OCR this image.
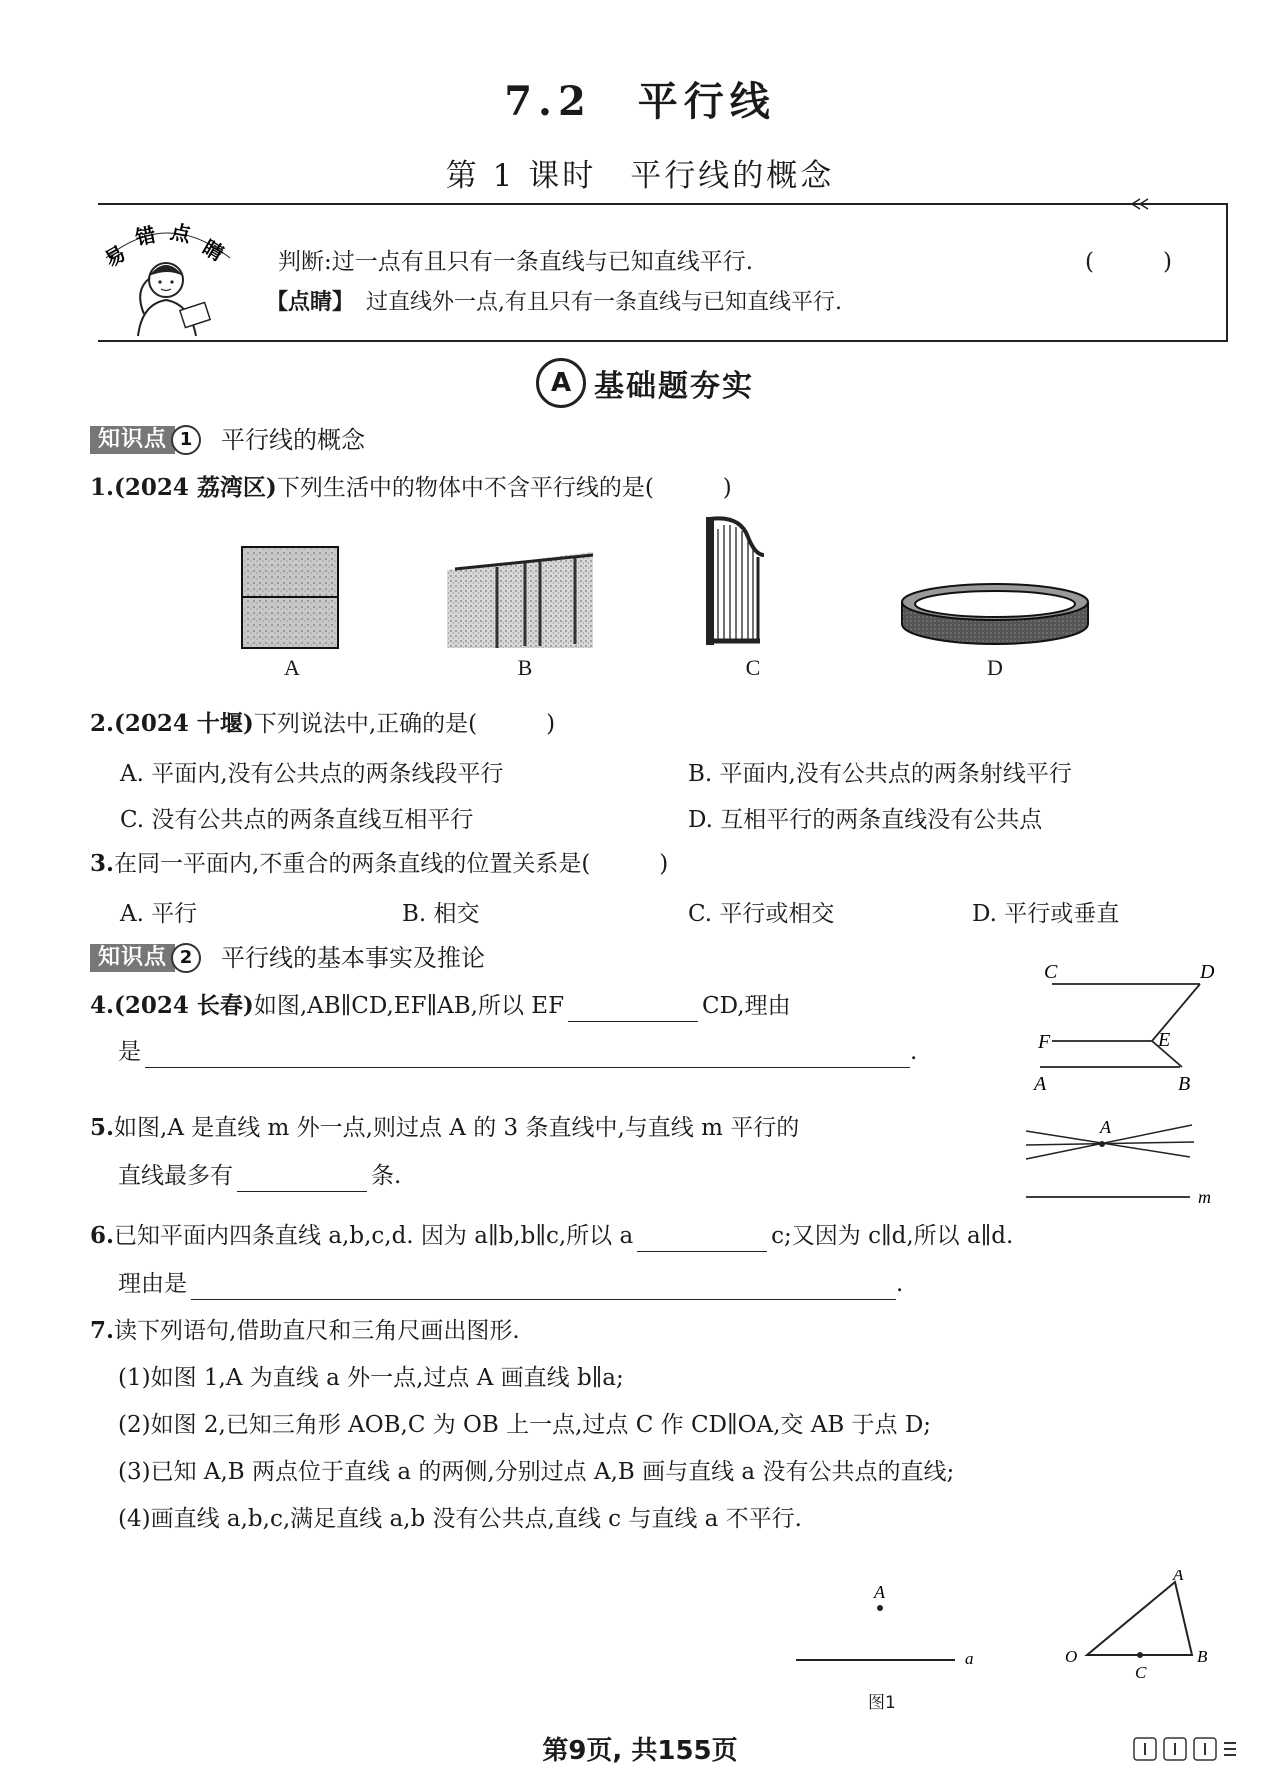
7.2　平行线
第 1 课时　平行线的概念
易
错 点
睛 判断:过一点有且只有一条直线与已知直线平行.	(　　　)
【点睛】 过直线外一点,有且只有一条直线与已知直线平行.
A 基础题夯实
知识点 1 平行线的概念
1.(2024 荔湾区)下列生活中的物体中不含平行线的是(　　　)
A	B	C	D
2.(2024 十堰)下列说法中,正确的是(　　　)
A. 平面内,没有公共点的两条线段平行	B. 平面内,没有公共点的两条射线平行
C. 没有公共点的两条直线互相平行	D. 互相平行的两条直线没有公共点
3.在同一平面内,不重合的两条直线的位置关系是(　　　)
A. 平行	B. 相交	C. 平行或相交	D. 平行或垂直
知识点 2 平行线的基本事实及推论
4.(2024 长春)如图,AB∥CD,EF∥AB,所以 EF	CD,理由
是	.
C	D
F	E
A	B
5.如图,A 是直线 m 外一点,则过点 A 的 3 条直线中,与直线 m 平行的
直线最多有	条.
A
m
6.已知平面内四条直线 a,b,c,d. 因为 a∥b,b∥c,所以 a	c;又因为 c∥d,所以 a∥d.
理由是	.
7.读下列语句,借助直尺和三角尺画出图形.
(1)如图 1,A 为直线 a 外一点,过点 A 画直线 b∥a;
(2)如图 2,已知三角形 AOB,C 为 OB 上一点,过点 C 作 CD∥OA,交 AB 于点 D;
(3)已知 A,B 两点位于直线 a 的两侧,分别过点 A,B 画与直线 a 没有公共点的直线;
(4)画直线 a,b,c,满足直线 a,b 没有公共点,直线 c 与直线 a 不平行.
A
a
图1
A
O	B
C
第9页, 共155页
